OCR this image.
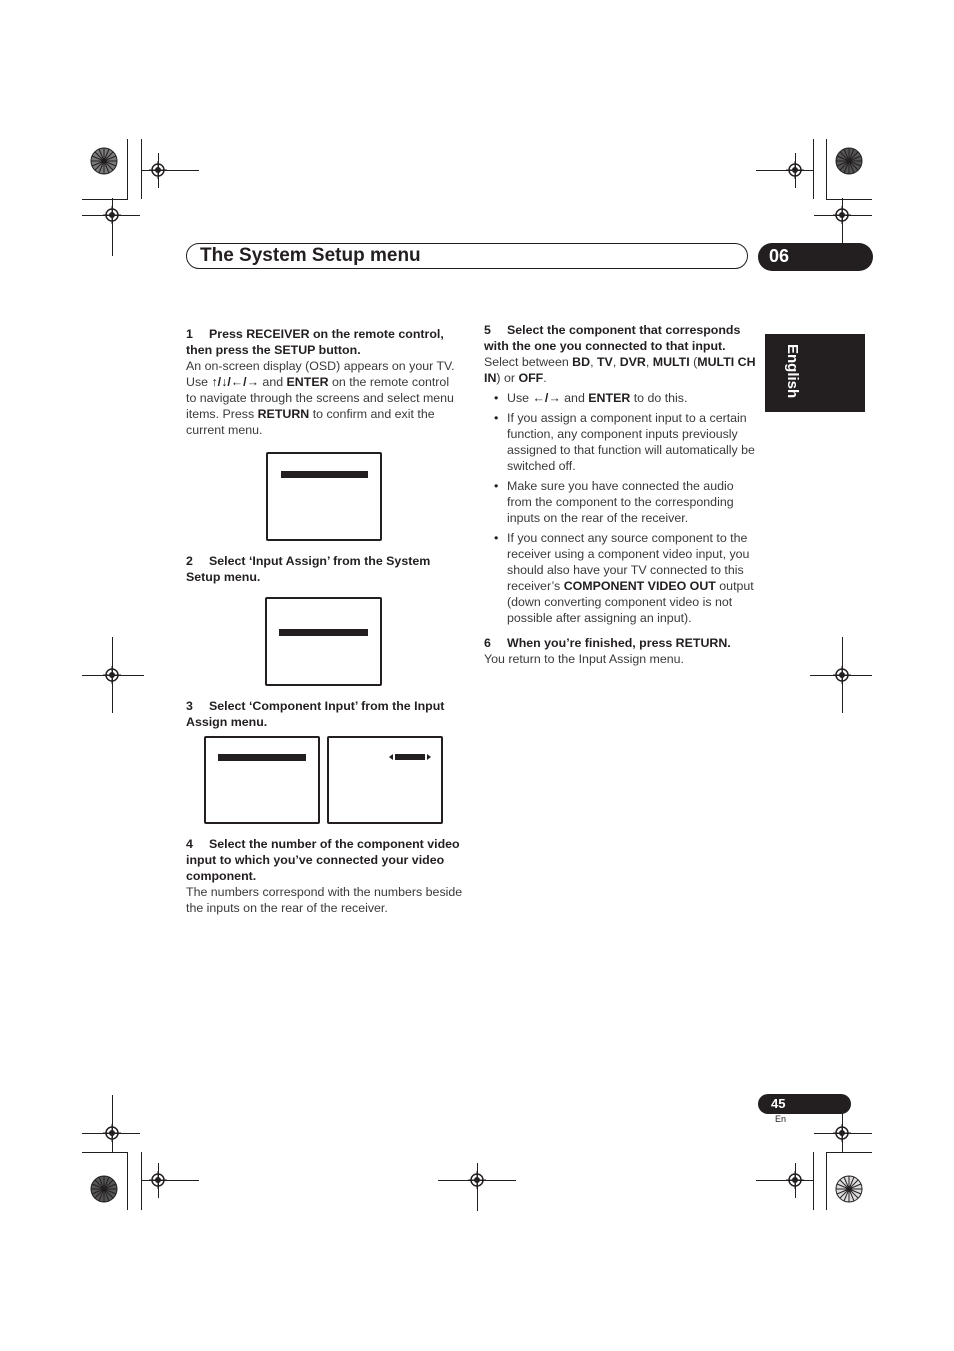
The System Setup menu	06
English

1 Press RECEIVER on the remote control, then press the SETUP button.

An on-screen display (OSD) appears on your TV. Use ↑/↓/←/→ and ENTER on the remote control to navigate through the screens and select menu items. Press RETURN to confirm and exit the current menu.

2 Select ‘Input Assign’ from the System Setup menu.

3 Select ‘Component Input’ from the Input Assign menu.

4 Select the number of the component video input to which you’ve connected your video component.

The numbers correspond with the numbers beside the inputs on the rear of the receiver.

5 Select the component that corresponds with the one you connected to that input.

Select between BD, TV, DVR, MULTI (MULTI CH IN) or OFF.

• Use ←/→ and ENTER to do this.
• If you assign a component input to a certain function, any component inputs previously assigned to that function will automatically be switched off.
• Make sure you have connected the audio from the component to the corresponding inputs on the rear of the receiver.
• If you connect any source component to the receiver using a component video input, you should also have your TV connected to this receiver’s COMPONENT VIDEO OUT output (down converting component video is not possible after assigning an input).

6 When you’re finished, press RETURN.

You return to the Input Assign menu.

45
En
